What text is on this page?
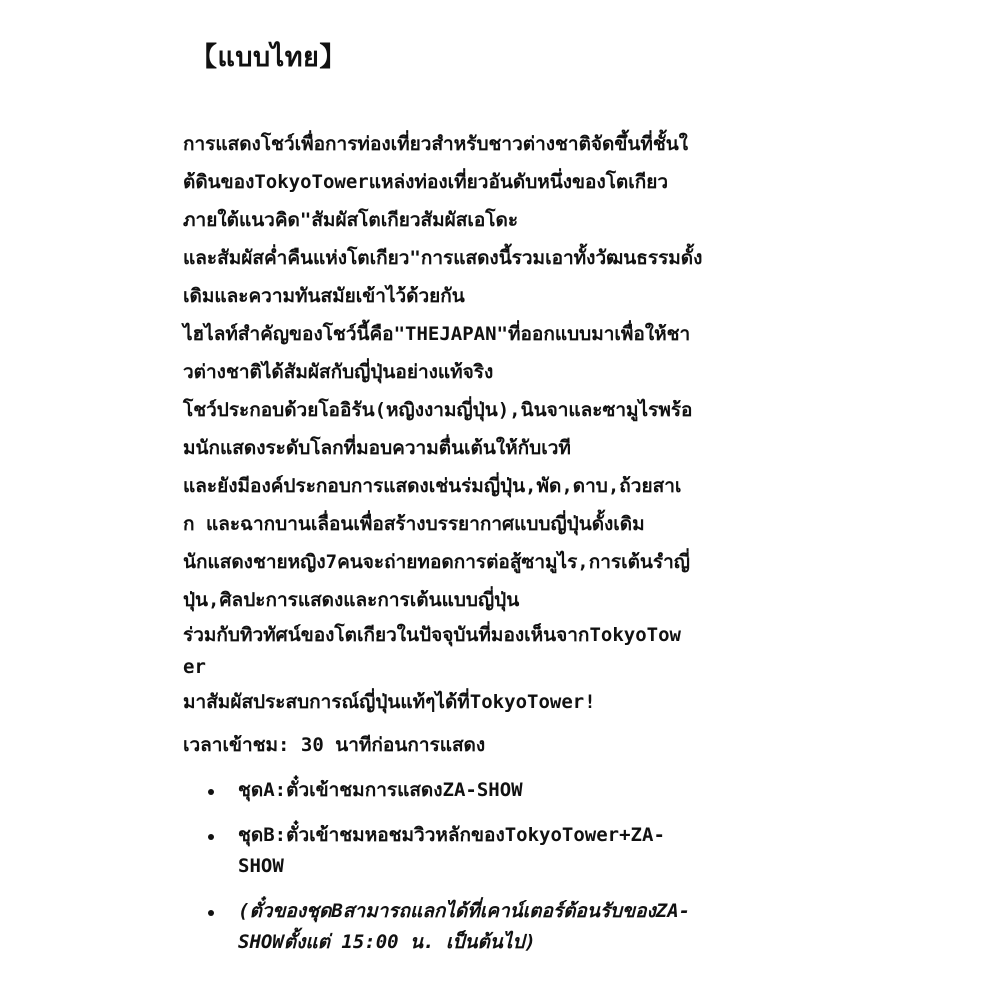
【แบบไทย】
การแสดงโชว์เพื่อการท่องเที่ยวสำหรับชาวต่างชาติจัดขึ้นที่ชั้นใ
ต้ดินของTokyoTowerแหล่งท่องเที่ยวอันดับหนึ่งของโตเกียว
ภายใต้แนวคิด"สัมผัสโตเกียวสัมผัสเอโดะ
และสัมผัสค่ำคืนแห่งโตเกียว"การแสดงนี้รวมเอาทั้งวัฒนธรรมดั้ง
เดิมและความทันสมัยเข้าไว้ด้วยกัน
ไฮไลท์สำคัญของโชว์นี้คือ"THEJAPAN"ที่ออกแบบมาเพื่อให้ชา
วต่างชาติได้สัมผัสกับญี่ปุ่นอย่างแท้จริง
โชว์ประกอบด้วยโออิรัน(หญิงงามญี่ปุ่น),นินจาและซามูไรพร้อ
มนักแสดงระดับโลกที่มอบความตื่นเต้นให้กับเวที
และยังมีองค์ประกอบการแสดงเช่นร่มญี่ปุ่น,พัด,ดาบ,ถ้วยสาเ
ก และฉากบานเลื่อนเพื่อสร้างบรรยากาศแบบญี่ปุ่นดั้งเดิม
นักแสดงชายหญิง7คนจะถ่ายทอดการต่อสู้ซามูไร,การเต้นรำญี่
ปุ่น,ศิลปะการแสดงและการเต้นแบบญี่ปุ่น
ร่วมกับทิวทัศน์ของโตเกียวในปัจจุบันที่มองเห็นจากTokyoTow
er
มาสัมผัสประสบการณ์ญี่ปุ่นแท้ๆได้ที่TokyoTower!
เวลาเข้าชม: 30 นาทีก่อนการแสดง
ชุดA:ตั๋วเข้าชมการแสดงZA-SHOW
ชุดB:ตั๋วเข้าชมหอชมวิวหลักของTokyoTower+ZA-
SHOW
(ตั๋วของชุดBสามารถแลกได้ที่เคาน์เตอร์ต้อนรับของZA-
SHOWตั้งแต่ 15:00 น. เป็นต้นไป)
